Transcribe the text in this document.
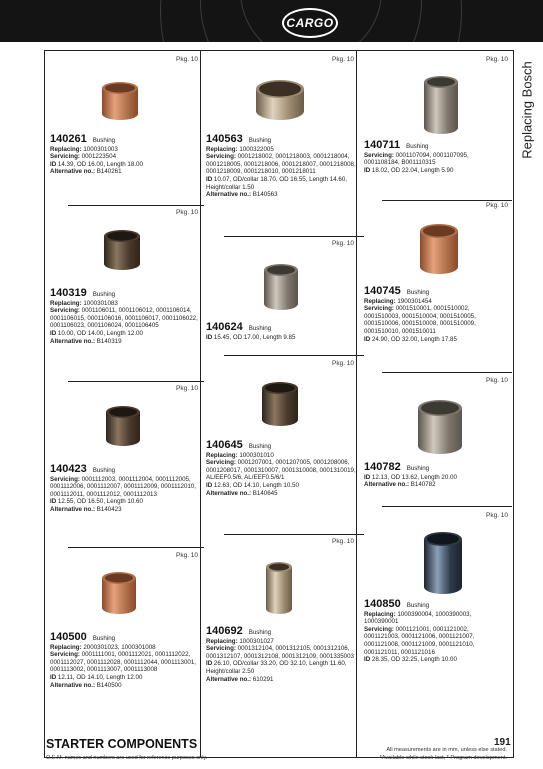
CARGO
Replacing Bosch
Pkg. 10
140261 Bushing
Replacing: 1000301003
Servicing: 0001223504
ID 14.39, OD 16.00, Length 18.00
Alternative no.: B140261
Pkg. 10
140319 Bushing
Replacing: 1000301083
Servicing: 0001106011, 0001106012, 0001106014, 0001106015, 0001106016, 0001106017, 0001106022, 0001106023, 0001106024, 0001106405
ID 10.00, OD 14.00, Length 12.00
Alternative no.: B140319
Pkg. 10
140423 Bushing
Servicing: 0001112003, 0001112004, 0001112005, 0001112006, 0001112007, 0001112009, 0001112010, 0001112011, 0001112012, 0001112013
ID 12.55, OD 16.50, Length 10.60
Alternative no.: B140423
Pkg. 10
140500 Bushing
Replacing: 2000301023, 1000301008
Servicing: 0001111001, 0001112021, 0001112022, 0001112027, 0001112028, 0001112044, 0001113001, 0001113002, 0001113007, 0001113008
ID 12.11, OD 14.10, Length 12.00
Alternative no.: B140500
Pkg. 10
140563 Bushing
Replacing: 1000322005
Servicing: 0001218002, 0001218003, 0001218004, 0001218005, 0001218006, 0001218007, 0001218008, 0001218009, 0001218010, 0001218011
ID 10.07, OD/collar 18.70, OD 16.55, Length 14.60, Height/collar 1.50
Alternative no.: B140563
Pkg. 10
140624 Bushing
ID 15.45, OD 17.00, Length 9.85
Pkg. 10
140645 Bushing
Replacing: 1000301010
Servicing: 0001207001, 0001207005, 0001208006, 0001208017, 0001310007, 0001310008, 0001310019, AL/EEF0.5/6, AL/EEF0.5/6/1
ID 12.63, OD 14.10, Length 10.50
Alternative no.: B140645
Pkg. 10
140692 Bushing
Replacing: 1000301027
Servicing: 0001312104, 0001312105, 0001312106, 0001312107, 0001312108, 0001312109, 0001335003
ID 26.10, OD/collar 33.20, OD 32.10, Length 11.60, Height/collar 2.50
Alternative no.: 610291
Pkg. 10
140711 Bushing
Servicing: 0001107094, 0001107095, 0001108184, B001110315
ID 18.02, OD 22.04, Length 5.90
Pkg. 10
140745 Bushing
Replacing: 1900301454
Servicing: 0001510001, 0001510002, 0001510003, 0001510004, 0001510005, 0001510006, 0001510008, 0001510009, 0001510010, 0001510011
ID 24.90, OD 32.00, Length 17.85
Pkg. 10
140782 Bushing
ID 12.13, OD 13.62, Length 20.00
Alternative no.: B140782
Pkg. 10
140850 Bushing
Replacing: 1000390004, 1000390003, 1000390001
Servicing: 0001121001, 0001121002, 0001121003, 0001121006, 0001121007, 0001121008, 0001121009, 0001121010, 0001121011, 0001121016
ID 28.35, OD 32.25, Length 10.00
STARTER COMPONENTS
O.E.M. names and numbers are used for reference purposes only.
191
All measurements are in mm, unless else stated.
*Available while stock last, * Program development.
